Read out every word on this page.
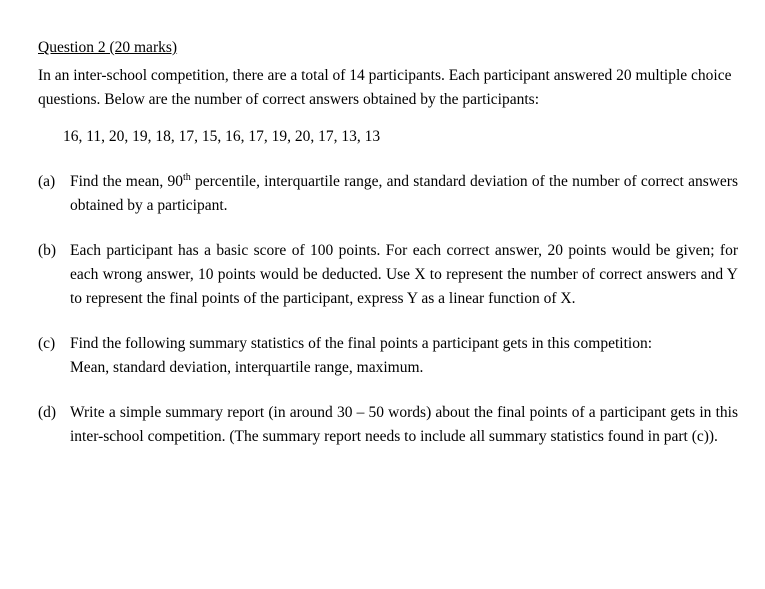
Question 2 (20 marks)
In an inter-school competition, there are a total of 14 participants. Each participant answered 20 multiple choice questions. Below are the number of correct answers obtained by the participants:
16, 11, 20, 19, 18, 17, 15, 16, 17, 19, 20, 17, 13, 13
(a) Find the mean, 90th percentile, interquartile range, and standard deviation of the number of correct answers obtained by a participant.
(b) Each participant has a basic score of 100 points. For each correct answer, 20 points would be given; for each wrong answer, 10 points would be deducted. Use X to represent the number of correct answers and Y to represent the final points of the participant, express Y as a linear function of X.
(c) Find the following summary statistics of the final points a participant gets in this competition:
Mean, standard deviation, interquartile range, maximum.
(d) Write a simple summary report (in around 30 – 50 words) about the final points of a participant gets in this inter-school competition. (The summary report needs to include all summary statistics found in part (c)).
